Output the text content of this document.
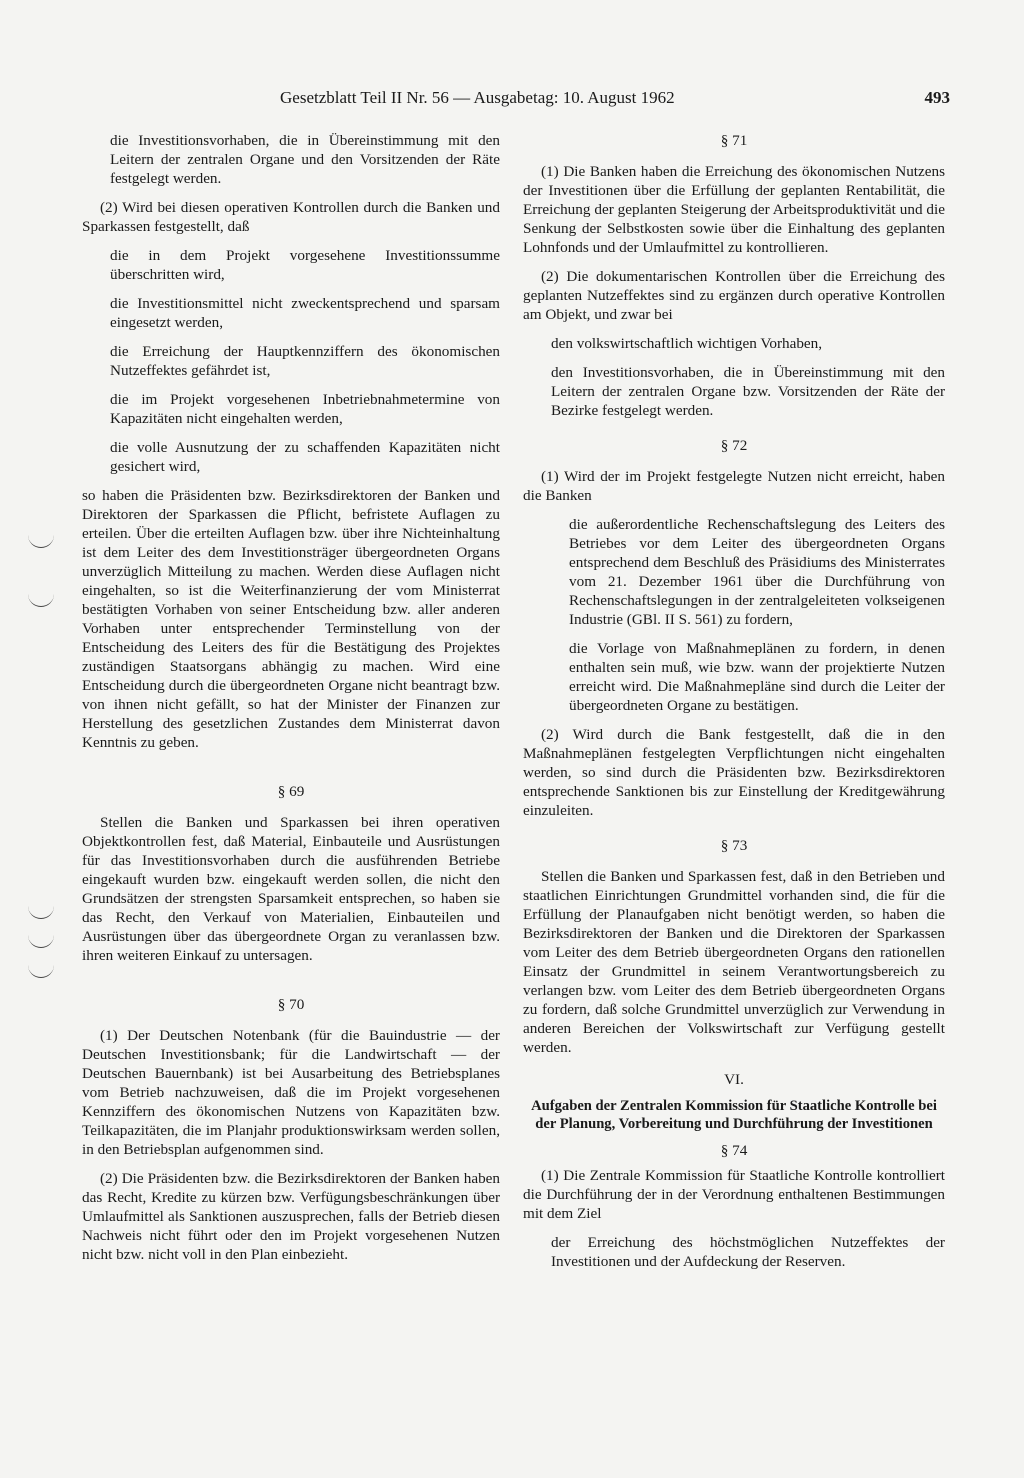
Gesetzblatt Teil II Nr. 56 — Ausgabetag: 10. August 1962	493

die Investitionsvorhaben, die in Übereinstimmung mit den Leitern der zentralen Organe und den Vorsitzenden der Räte festgelegt werden.

(2) Wird bei diesen operativen Kontrollen durch die Banken und Sparkassen festgestellt, daß

die in dem Projekt vorgesehene Investitionssumme überschritten wird,

die Investitionsmittel nicht zweckentsprechend und sparsam eingesetzt werden,

die Erreichung der Hauptkennziffern des ökonomischen Nutzeffektes gefährdet ist,

die im Projekt vorgesehenen Inbetriebnahmetermine von Kapazitäten nicht eingehalten werden,

die volle Ausnutzung der zu schaffenden Kapazitäten nicht gesichert wird,

so haben die Präsidenten bzw. Bezirksdirektoren der Banken und Direktoren der Sparkassen die Pflicht, befristete Auflagen zu erteilen. Über die erteilten Auflagen bzw. über ihre Nichteinhaltung ist dem Leiter des dem Investitionsträger übergeordneten Organs unverzüglich Mitteilung zu machen. Werden diese Auflagen nicht eingehalten, so ist die Weiterfinanzierung der vom Ministerrat bestätigten Vorhaben von seiner Entscheidung bzw. aller anderen Vorhaben unter entsprechender Terminstellung von der Entscheidung des Leiters des für die Bestätigung des Projektes zuständigen Staatsorgans abhängig zu machen. Wird eine Entscheidung durch die übergeordneten Organe nicht beantragt bzw. von ihnen nicht gefällt, so hat der Minister der Finanzen zur Herstellung des gesetzlichen Zustandes dem Ministerrat davon Kenntnis zu geben.

§ 69

Stellen die Banken und Sparkassen bei ihren operativen Objektkontrollen fest, daß Material, Einbauteile und Ausrüstungen für das Investitionsvorhaben durch die ausführenden Betriebe eingekauft wurden bzw. eingekauft werden sollen, die nicht den Grundsätzen der strengsten Sparsamkeit entsprechen, so haben sie das Recht, den Verkauf von Materialien, Einbauteilen und Ausrüstungen über das übergeordnete Organ zu veranlassen bzw. ihren weiteren Einkauf zu untersagen.

§ 70

(1) Der Deutschen Notenbank (für die Bauindustrie — der Deutschen Investitionsbank; für die Landwirtschaft — der Deutschen Bauernbank) ist bei Ausarbeitung des Betriebsplanes vom Betrieb nachzuweisen, daß die im Projekt vorgesehenen Kennziffern des ökonomischen Nutzens von Kapazitäten bzw. Teilkapazitäten, die im Planjahr produktionswirksam werden sollen, in den Betriebsplan aufgenommen sind.

(2) Die Präsidenten bzw. die Bezirksdirektoren der Banken haben das Recht, Kredite zu kürzen bzw. Verfügungsbeschränkungen über Umlaufmittel als Sanktionen auszusprechen, falls der Betrieb diesen Nachweis nicht führt oder den im Projekt vorgesehenen Nutzen nicht bzw. nicht voll in den Plan einbezieht.

§ 71

(1) Die Banken haben die Erreichung des ökonomischen Nutzens der Investitionen über die Erfüllung der geplanten Rentabilität, die Erreichung der geplanten Steigerung der Arbeitsproduktivität und die Senkung der Selbstkosten sowie über die Einhaltung des geplanten Lohnfonds und der Umlaufmittel zu kontrollieren.

(2) Die dokumentarischen Kontrollen über die Erreichung des geplanten Nutzeffektes sind zu ergänzen durch operative Kontrollen am Objekt, und zwar bei

den volkswirtschaftlich wichtigen Vorhaben,

den Investitionsvorhaben, die in Übereinstimmung mit den Leitern der zentralen Organe bzw. Vorsitzenden der Räte der Bezirke festgelegt werden.

§ 72

(1) Wird der im Projekt festgelegte Nutzen nicht erreicht, haben die Banken

die außerordentliche Rechenschaftslegung des Leiters des Betriebes vor dem Leiter des übergeordneten Organs entsprechend dem Beschluß des Präsidiums des Ministerrates vom 21. Dezember 1961 über die Durchführung von Rechenschaftslegungen in der zentralgeleiteten volkseigenen Industrie (GBl. II S. 561) zu fordern,

die Vorlage von Maßnahmeplänen zu fordern, in denen enthalten sein muß, wie bzw. wann der projektierte Nutzen erreicht wird. Die Maßnahmepläne sind durch die Leiter der übergeordneten Organe zu bestätigen.

(2) Wird durch die Bank festgestellt, daß die in den Maßnahmeplänen festgelegten Verpflichtungen nicht eingehalten werden, so sind durch die Präsidenten bzw. Bezirksdirektoren entsprechende Sanktionen bis zur Einstellung der Kreditgewährung einzuleiten.

§ 73

Stellen die Banken und Sparkassen fest, daß in den Betrieben und staatlichen Einrichtungen Grundmittel vorhanden sind, die für die Erfüllung der Planaufgaben nicht benötigt werden, so haben die Bezirksdirektoren der Banken und die Direktoren der Sparkassen vom Leiter des dem Betrieb übergeordneten Organs den rationellen Einsatz der Grundmittel in seinem Verantwortungsbereich zu verlangen bzw. vom Leiter des dem Betrieb übergeordneten Organs zu fordern, daß solche Grundmittel unverzüglich zur Verwendung in anderen Bereichen der Volkswirtschaft zur Verfügung gestellt werden.

VI.
Aufgaben der Zentralen Kommission für Staatliche Kontrolle bei der Planung, Vorbereitung und Durchführung der Investitionen
§ 74

(1) Die Zentrale Kommission für Staatliche Kontrolle kontrolliert die Durchführung der in der Verordnung enthaltenen Bestimmungen mit dem Ziel

der Erreichung des höchstmöglichen Nutzeffektes der Investitionen und der Aufdeckung der Reserven.
